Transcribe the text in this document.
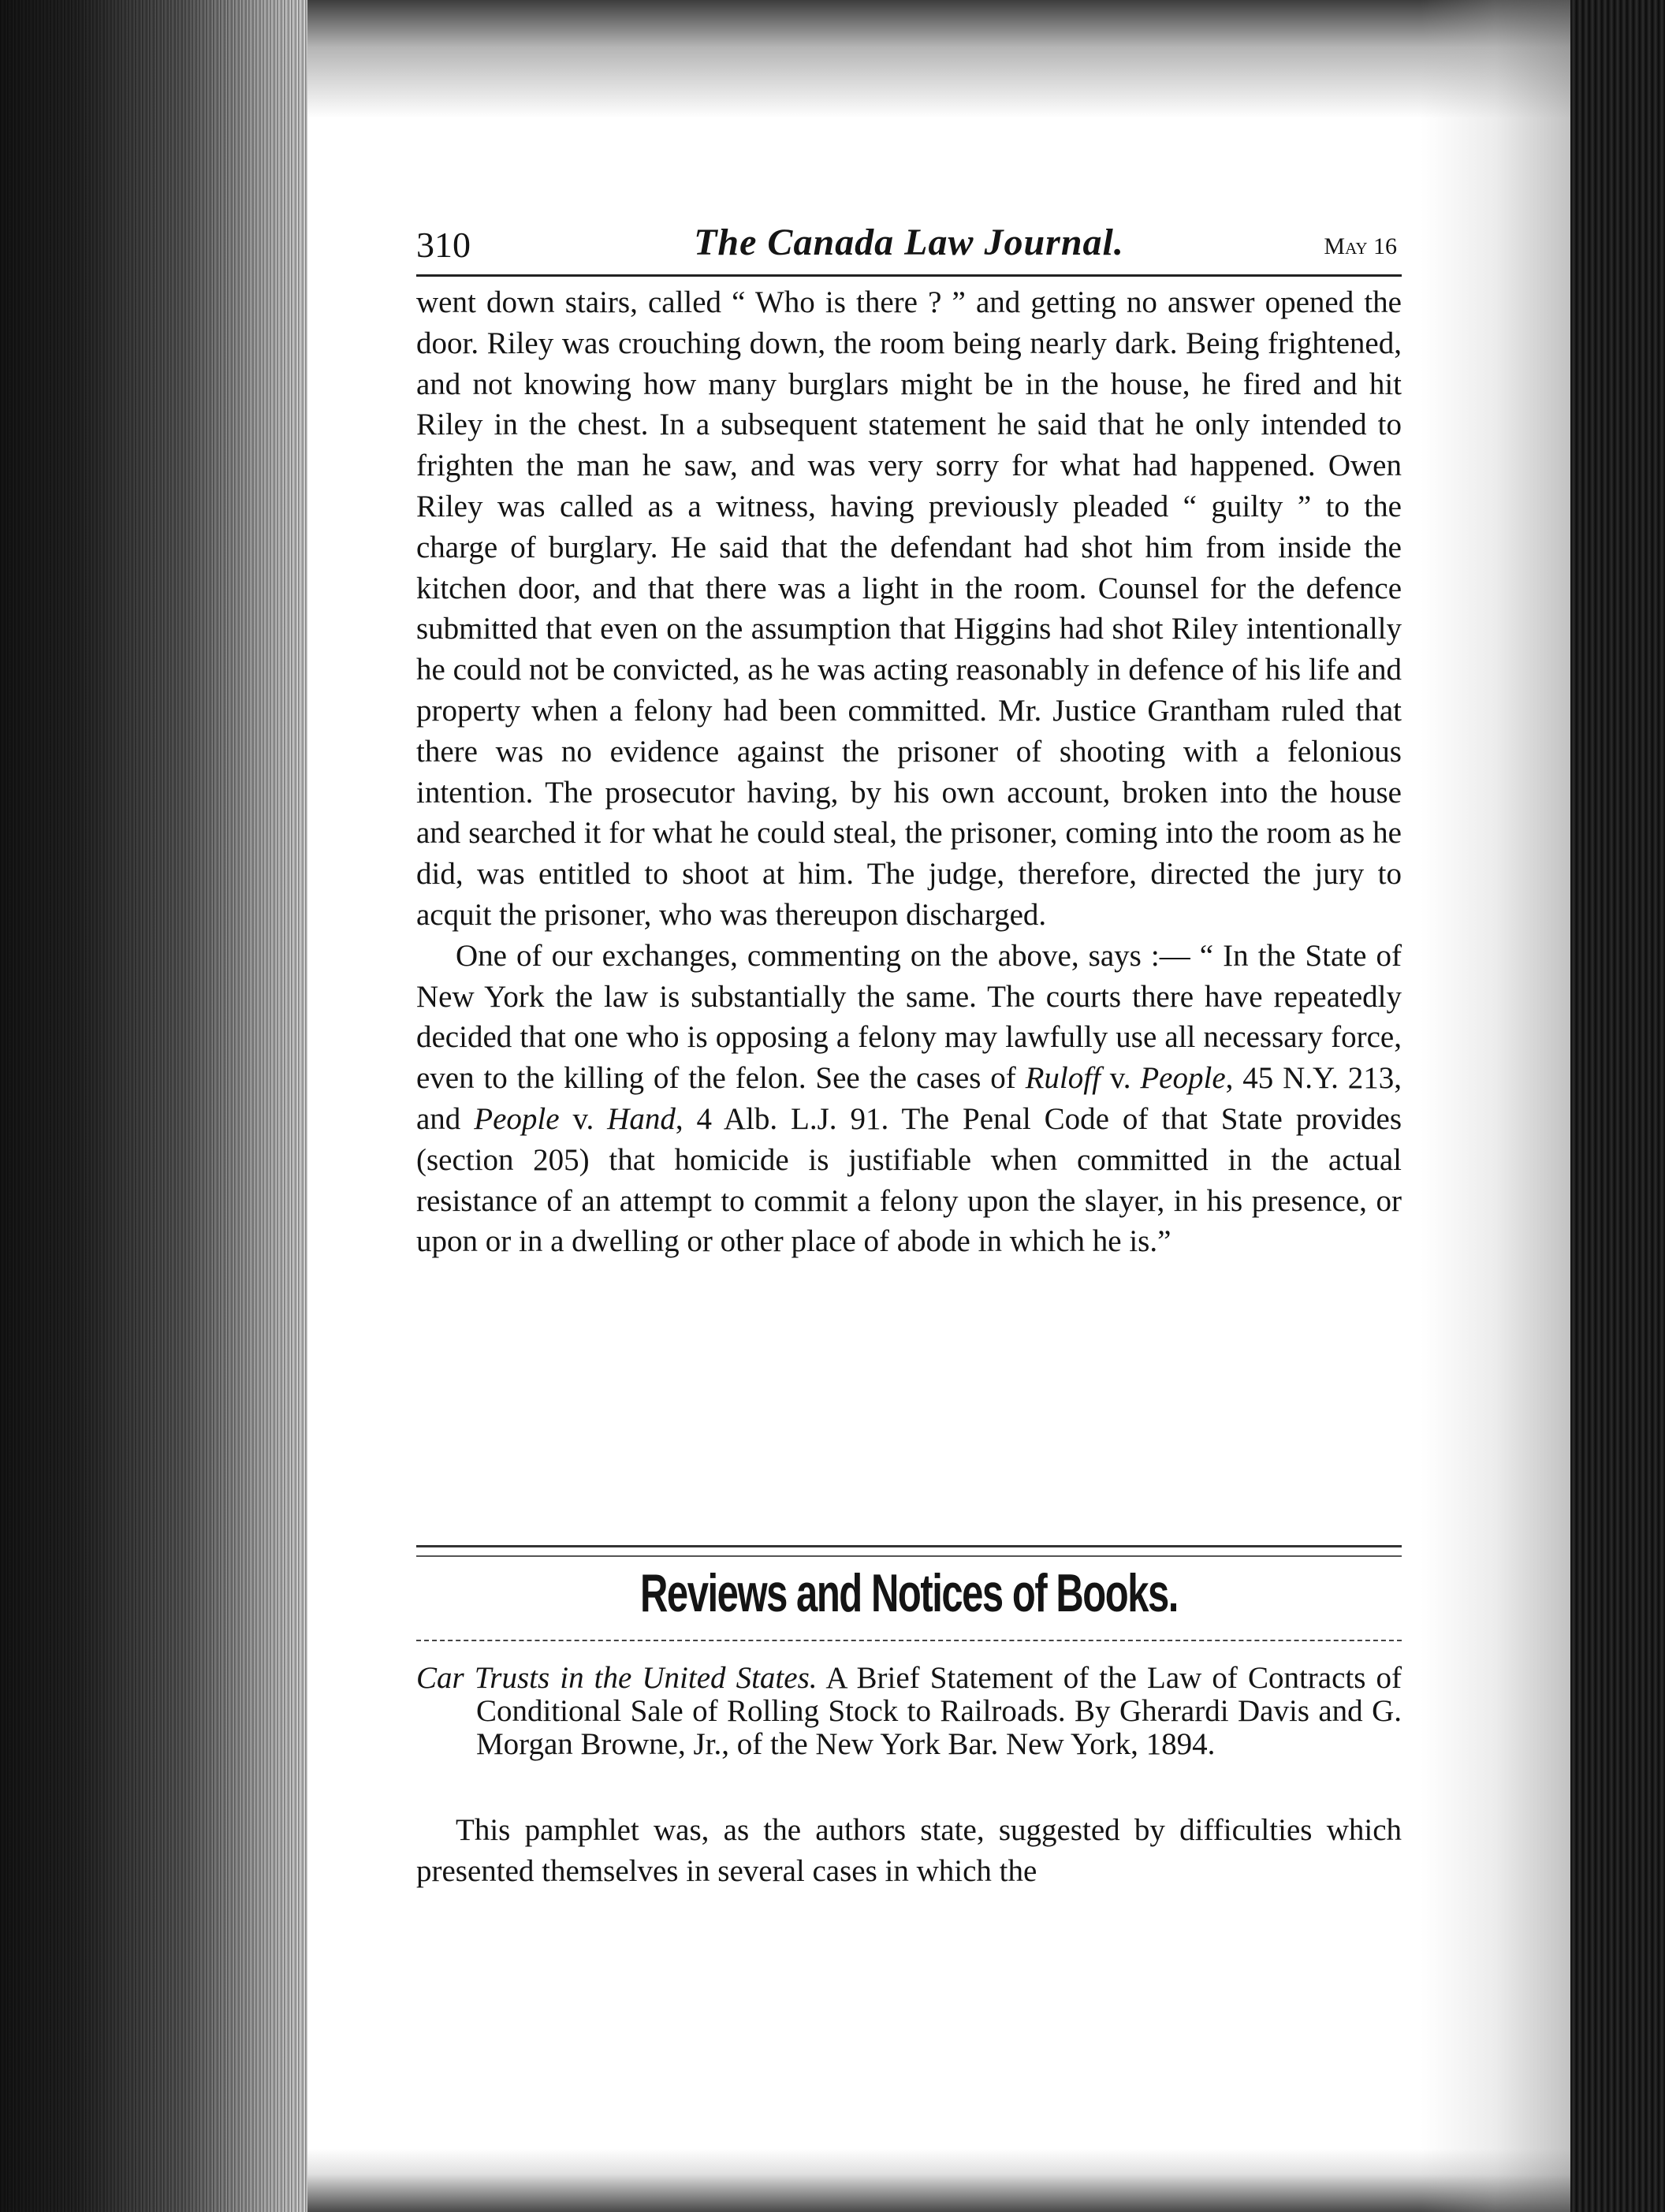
310	The Canada Law Journal.	May 16

went down stairs, called “ Who is there ? ” and getting no answer opened the door. Riley was crouching down, the room being nearly dark. Being frightened, and not knowing how many burglars might be in the house, he fired and hit Riley in the chest. In a subsequent statement he said that he only intended to frighten the man he saw, and was very sorry for what had happened. Owen Riley was called as a witness, having previously pleaded “ guilty ” to the charge of burglary. He said that the defendant had shot him from inside the kitchen door, and that there was a light in the room. Counsel for the defence submitted that even on the assumption that Higgins had shot Riley intentionally he could not be convicted, as he was acting reasonably in defence of his life and property when a felony had been committed. Mr. Justice Grantham ruled that there was no evidence against the prisoner of shooting with a felonious intention. The prosecutor having, by his own account, broken into the house and searched it for what he could steal, the prisoner, coming into the room as he did, was entitled to shoot at him. The judge, therefore, directed the jury to acquit the prisoner, who was thereupon discharged.

One of our exchanges, commenting on the above, says :— “ In the State of New York the law is substantially the same. The courts there have repeatedly decided that one who is opposing a felony may lawfully use all necessary force, even to the killing of the felon. See the cases of Ruloff v. People, 45 N.Y. 213, and People v. Hand, 4 Alb. L.J. 91. The Penal Code of that State provides (section 205) that homicide is justifiable when committed in the actual resistance of an attempt to commit a felony upon the slayer, in his presence, or upon or in a dwelling or other place of abode in which he is.”

Reviews and Notices of Books.
Car Trusts in the United States. A Brief Statement of the Law of Contracts of Conditional Sale of Rolling Stock to Railroads. By Gherardi Davis and G. Morgan Browne, Jr., of the New York Bar. New York, 1894.
This pamphlet was, as the authors state, suggested by difficulties which presented themselves in several cases in which the
